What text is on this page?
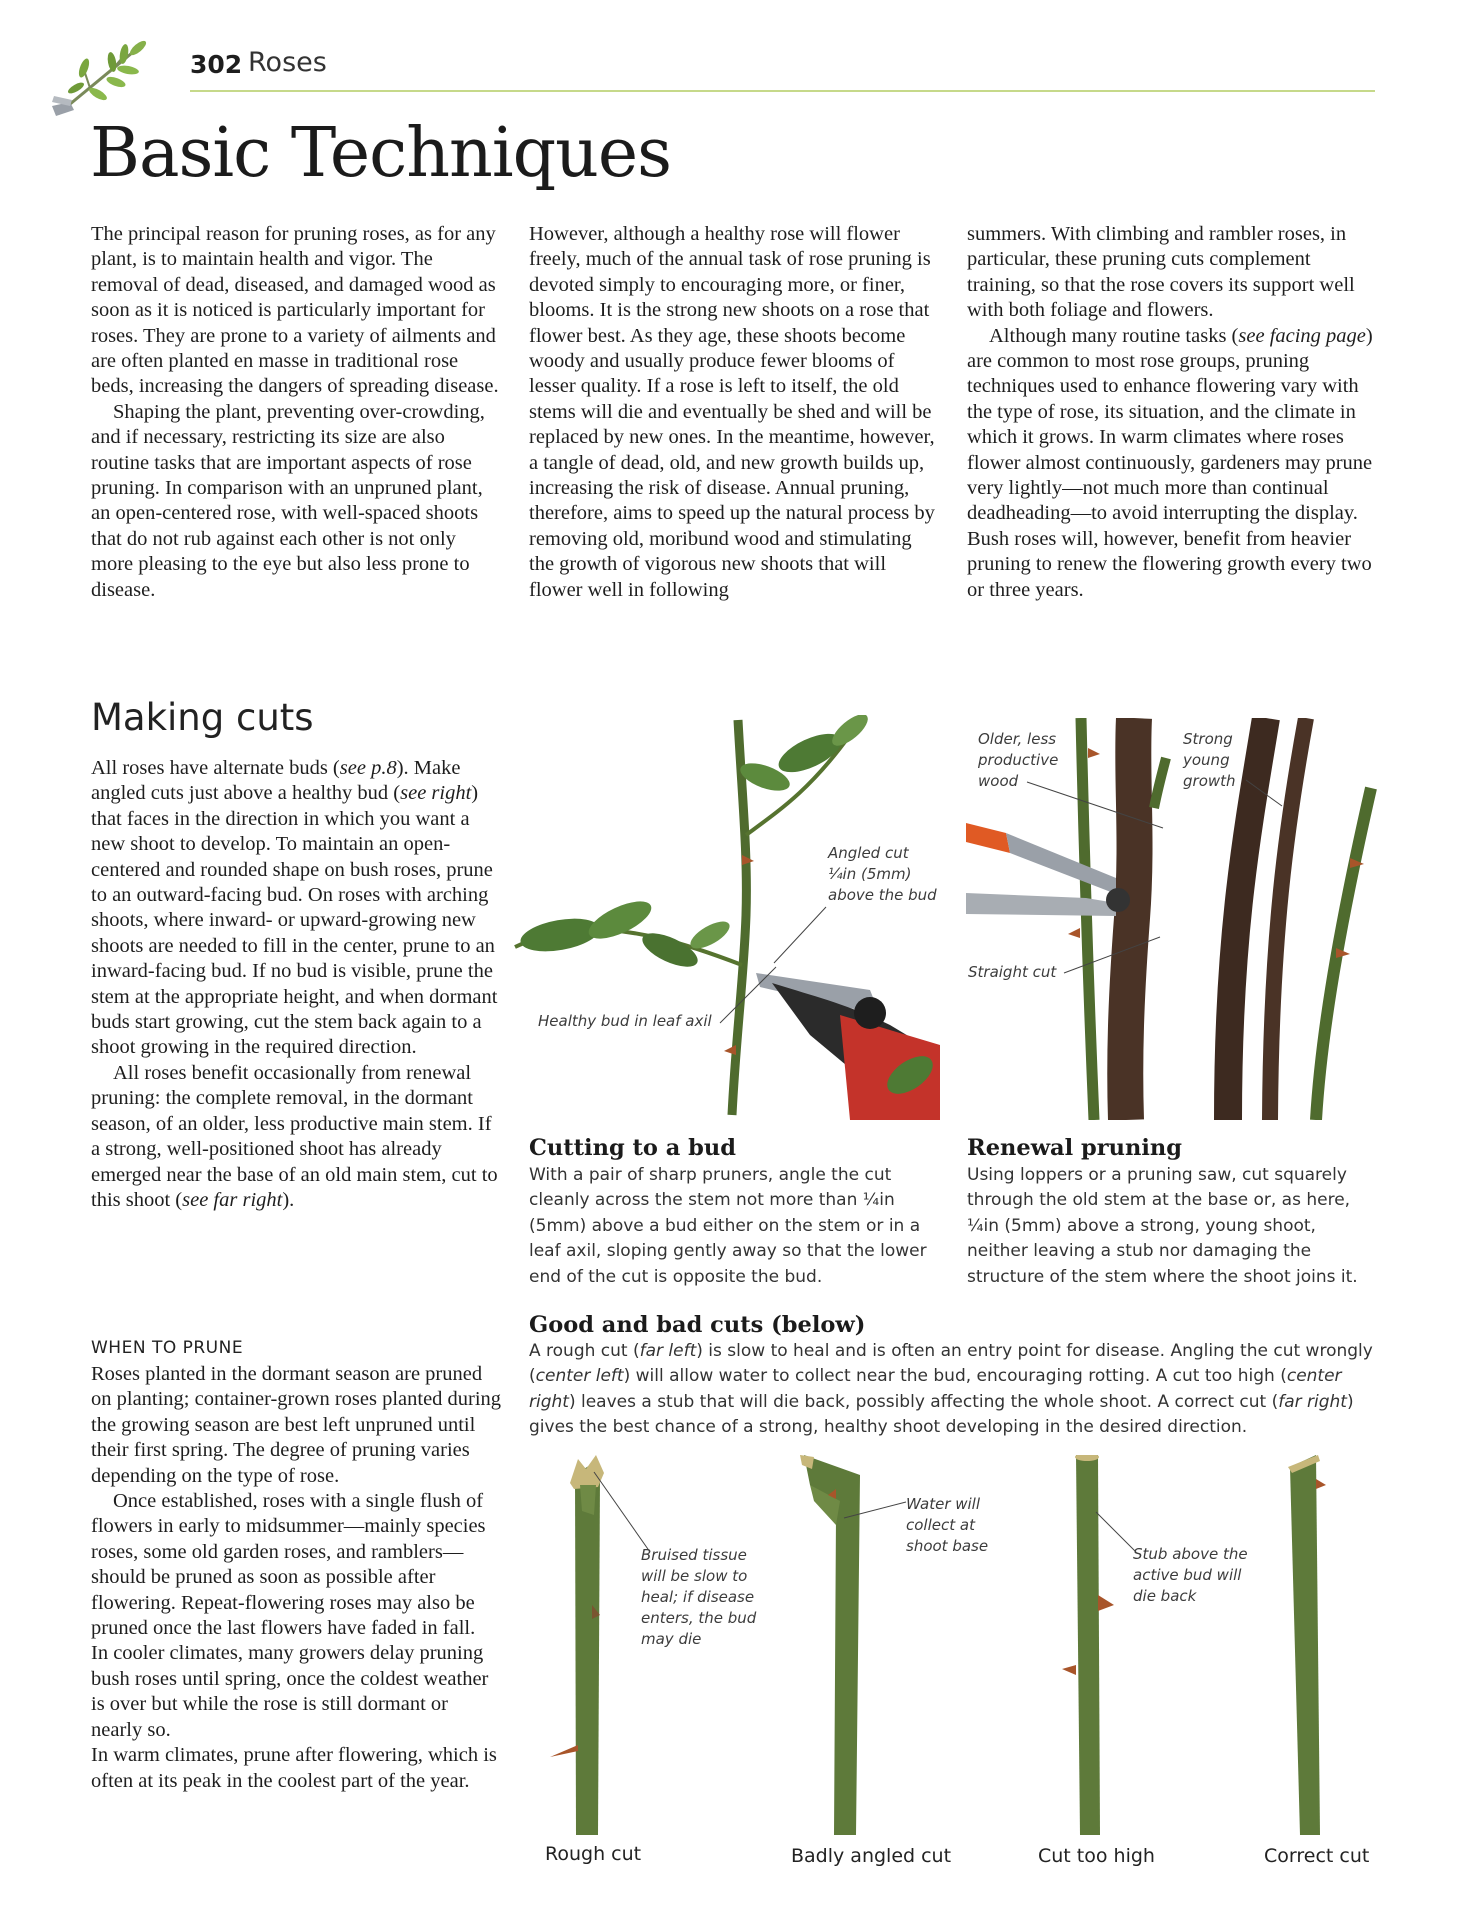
302 Roses
Basic Techniques

The principal reason for pruning roses, as for any plant, is to maintain health and vigor. The removal of dead, diseased, and damaged wood as soon as it is noticed is particularly important for roses. They are prone to a variety of ailments and are often planted en masse in traditional rose beds, increasing the dangers of spreading disease.

Shaping the plant, preventing over-crowding, and if necessary, restricting its size are also routine tasks that are important aspects of rose pruning. In comparison with an unpruned plant, an open-centered rose, with well-spaced shoots that do not rub against each other is not only more pleasing to the eye but also less prone to disease.

However, although a healthy rose will flower freely, much of the annual task of rose pruning is devoted simply to encouraging more, or finer, blooms. It is the strong new shoots on a rose that flower best. As they age, these shoots become woody and usually produce fewer blooms of lesser quality. If a rose is left to itself, the old stems will die and eventually be shed and will be replaced by new ones. In the meantime, however, a tangle of dead, old, and new growth builds up, increasing the risk of disease. Annual pruning, therefore, aims to speed up the natural process by removing old, moribund wood and stimulating the growth of vigorous new shoots that will flower well in following

summers. With climbing and rambler roses, in particular, these pruning cuts complement training, so that the rose covers its support well with both foliage and flowers.

Although many routine tasks (see facing page) are common to most rose groups, pruning techniques used to enhance flowering vary with the type of rose, its situation, and the climate in which it grows. In warm climates where roses flower almost continuously, gardeners may prune very lightly—not much more than continual deadheading—to avoid interrupting the display. Bush roses will, however, benefit from heavier pruning to renew the flowering growth every two or three years.

Making cuts

All roses have alternate buds (see p.8). Make angled cuts just above a healthy bud (see right) that faces in the direction in which you want a new shoot to develop. To maintain an open-centered and rounded shape on bush roses, prune to an outward-facing bud. On roses with arching shoots, where inward- or upward-growing new shoots are needed to fill in the center, prune to an inward-facing bud. If no bud is visible, prune the stem at the appropriate height, and when dormant buds start growing, cut the stem back again to a shoot growing in the required direction.

All roses benefit occasionally from renewal pruning: the complete removal, in the dormant season, of an older, less productive main stem. If a strong, well-positioned shoot has already emerged near the base of an old main stem, cut to this shoot (see far right).

WHEN TO PRUNE

Roses planted in the dormant season are pruned on planting; container-grown roses planted during the growing season are best left unpruned until their first spring. The degree of pruning varies depending on the type of rose.

Once established, roses with a single flush of flowers in early to midsummer—mainly species roses, some old garden roses, and ramblers—should be pruned as soon as possible after flowering. Repeat-flowering roses may also be pruned once the last flowers have faded in fall.

In cooler climates, many growers delay pruning bush roses until spring, once the coldest weather is over but while the rose is still dormant or nearly so.

In warm climates, prune after flowering, which is often at its peak in the coolest part of the year.

Angled cut
¼in (5mm)
above the bud
Healthy bud in leaf axil
Older, less
productive
wood
Strong
young
growth
Straight cut
Cutting to a bud

With a pair of sharp pruners, angle the cut cleanly across the stem not more than ¼in (5mm) above a bud either on the stem or in a leaf axil, sloping gently away so that the lower end of the cut is opposite the bud.

Renewal pruning

Using loppers or a pruning saw, cut squarely through the old stem at the base or, as here, ¼in (5mm) above a strong, young shoot, neither leaving a stub nor damaging the structure of the stem where the shoot joins it.

Good and bad cuts (below)

A rough cut (far left) is slow to heal and is often an entry point for disease. Angling the cut wrongly (center left) will allow water to collect near the bud, encouraging rotting. A cut too high (center right) leaves a stub that will die back, possibly affecting the whole shoot. A correct cut (far right) gives the best chance of a strong, healthy shoot developing in the desired direction.

Bruised tissue
will be slow to
heal; if disease
enters, the bud
may die
Water will
collect at
shoot base	Stub above the
active bud will
die back
Rough cut	Badly angled cut	Cut too high	Correct cut
